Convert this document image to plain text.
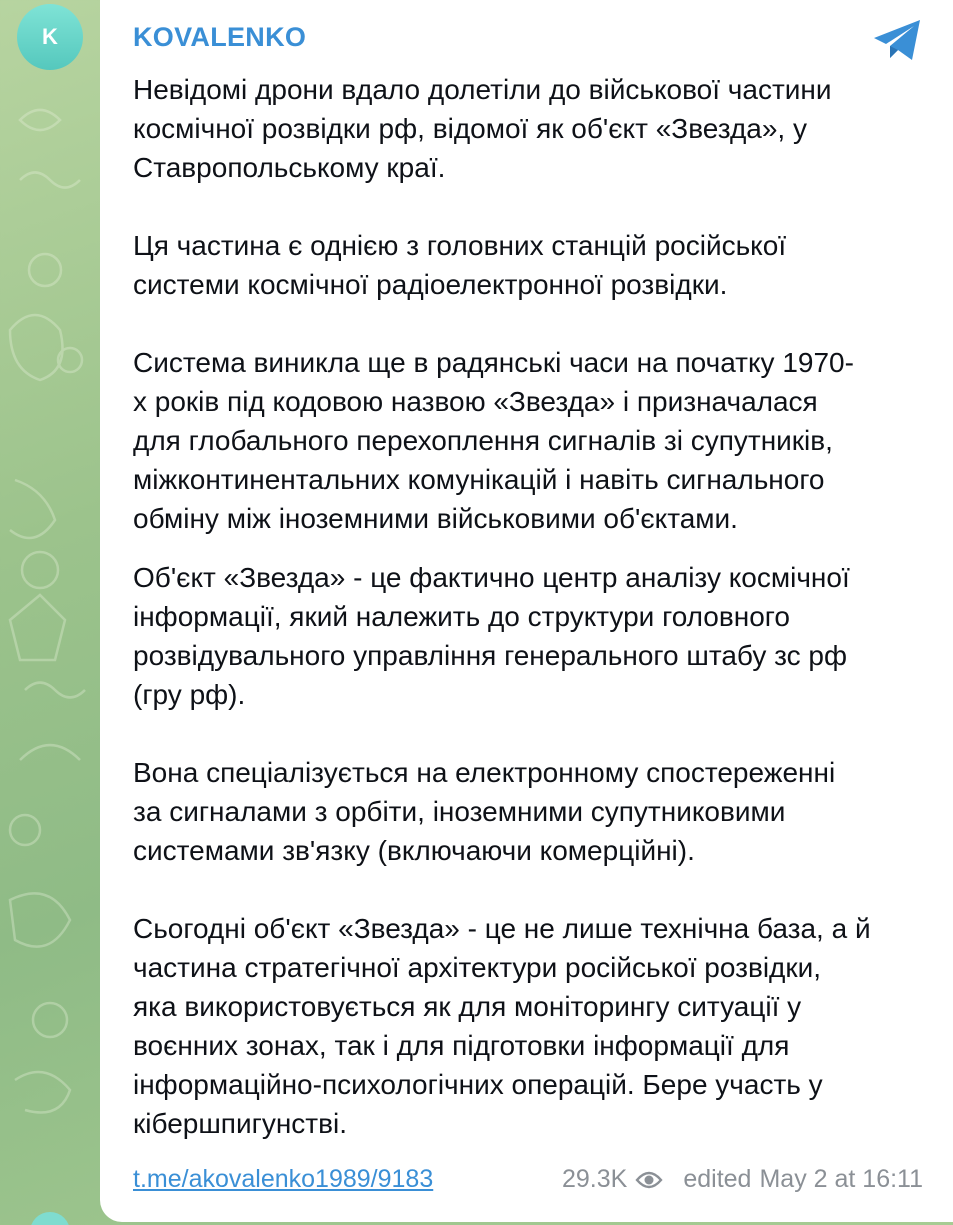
K	KOVALENKO

Невідомі дрони вдало долетіли до військової частини
космічної розвідки рф, відомої як об'єкт «Звезда», у
Ставропольському краї.

Ця частина є однією з головних станцій російської
системи космічної радіоелектронної розвідки.

Система виникла ще в радянські часи на початку 1970-
х років під кодовою назвою «Звезда» і призначалася
для глобального перехоплення сигналів зі супутників,
міжконтинентальних комунікацій і навіть сигнального
обміну між іноземними військовими об'єктами.

Об'єкт «Звезда» - це фактично центр аналізу космічної
інформації, який належить до структури головного
розвідувального управління генерального штабу зс рф
(гру рф).

Вона спеціалізується на електронному спостереженні
за сигналами з орбіти, іноземними супутниковими
системами зв'язку (включаючи комерційні).

Сьогодні об'єкт «Звезда» - це не лише технічна база, а й
частина стратегічної архітектури російської розвідки,
яка використовується як для моніторингу ситуації у
воєнних зонах, так і для підготовки інформації для
інформаційно-психологічних операцій. Бере участь у
кібершпигунстві.

t.me/akovalenko1989/9183	29.3K edited May 2 at 16:11
